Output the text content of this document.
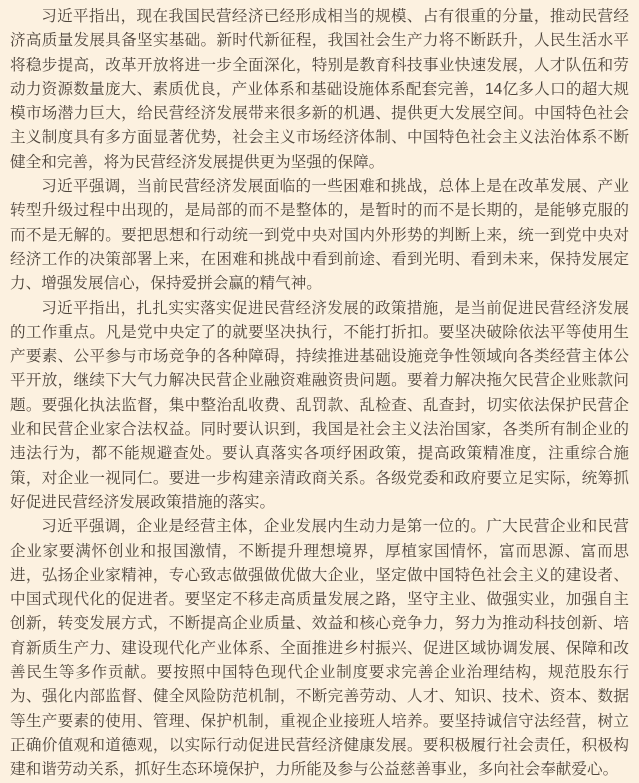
习近平指出，现在我国民营经济已经形成相当的规模、占有很重的分量，推动民营经济高质量发展具备坚实基础。新时代新征程，我国社会生产力将不断跃升，人民生活水平将稳步提高，改革开放将进一步全面深化，特别是教育科技事业快速发展，人才队伍和劳动力资源数量庞大、素质优良，产业体系和基础设施体系配套完善，14亿多人口的超大规模市场潜力巨大，给民营经济发展带来很多新的机遇、提供更大发展空间。中国特色社会主义制度具有多方面显著优势，社会主义市场经济体制、中国特色社会主义法治体系不断健全和完善，将为民营经济发展提供更为坚强的保障。

习近平强调，当前民营经济发展面临的一些困难和挑战，总体上是在改革发展、产业转型升级过程中出现的，是局部的而不是整体的，是暂时的而不是长期的，是能够克服的而不是无解的。要把思想和行动统一到党中央对国内外形势的判断上来，统一到党中央对经济工作的决策部署上来，在困难和挑战中看到前途、看到光明、看到未来，保持发展定力、增强发展信心，保持爱拼会赢的精气神。

习近平指出，扎扎实实落实促进民营经济发展的政策措施，是当前促进民营经济发展的工作重点。凡是党中央定了的就要坚决执行，不能打折扣。要坚决破除依法平等使用生产要素、公平参与市场竞争的各种障碍，持续推进基础设施竞争性领域向各类经营主体公平开放，继续下大气力解决民营企业融资难融资贵问题。要着力解决拖欠民营企业账款问题。要强化执法监督，集中整治乱收费、乱罚款、乱检查、乱查封，切实依法保护民营企业和民营企业家合法权益。同时要认识到，我国是社会主义法治国家，各类所有制企业的违法行为，都不能规避查处。要认真落实各项纾困政策，提高政策精准度，注重综合施策，对企业一视同仁。要进一步构建亲清政商关系。各级党委和政府要立足实际，统筹抓好促进民营经济发展政策措施的落实。

习近平强调，企业是经营主体，企业发展内生动力是第一位的。广大民营企业和民营企业家要满怀创业和报国激情，不断提升理想境界，厚植家国情怀，富而思源、富而思进，弘扬企业家精神，专心致志做强做优做大企业，坚定做中国特色社会主义的建设者、中国式现代化的促进者。要坚定不移走高质量发展之路，坚守主业、做强实业，加强自主创新，转变发展方式，不断提高企业质量、效益和核心竞争力，努力为推动科技创新、培育新质生产力、建设现代化产业体系、全面推进乡村振兴、促进区域协调发展、保障和改善民生等多作贡献。要按照中国特色现代企业制度要求完善企业治理结构，规范股东行为、强化内部监督、健全风险防范机制，不断完善劳动、人才、知识、技术、资本、数据等生产要素的使用、管理、保护机制，重视企业接班人培养。要坚持诚信守法经营，树立正确价值观和道德观，以实际行动促进民营经济健康发展。要积极履行社会责任，积极构建和谐劳动关系，抓好生态环境保护，力所能及参与公益慈善事业，多向社会奉献爱心。
